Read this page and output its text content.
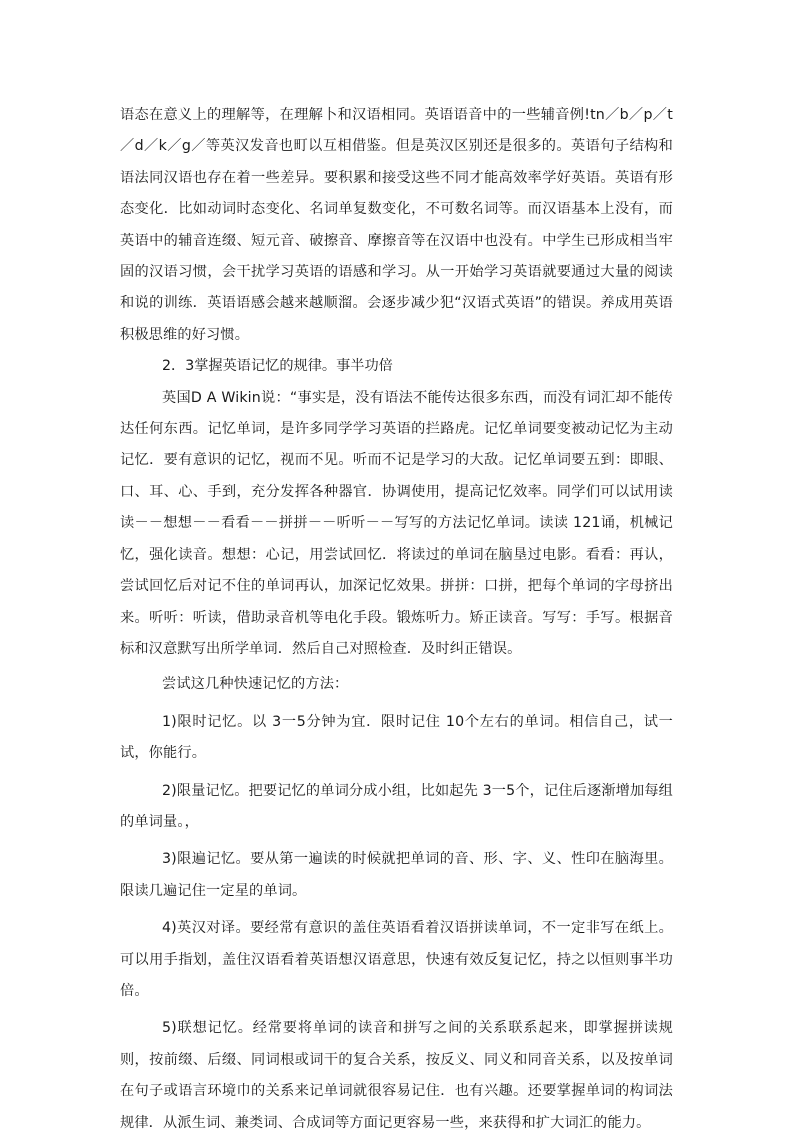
语态在意义上的理解等，在理解卜和汉语相同。英语语音中的一些辅音例!tn／b／p／t／d／k／g／等英汉发音也町以互相借鉴。但是英汉区别还是很多的。英语句子结构和语法同汉语也存在着一些差异。要积累和接受这些不同才能高效率学好英语。英语有形态变化．比如动词时态变化、名词单复数变化，不可数名词等。而汉语基本上没有，而英语中的辅音连缀、短元音、破擦音、摩擦音等在汉语中也没有。中学生已形成相当牢固的汉语习惯，会干扰学习英语的语感和学习。从一开始学习英语就要通过大量的阅读和说的训练．英语语感会越来越顺溜。会逐步减少犯“汉语式英语”的错误。养成用英语积极思维的好习惯。

2．3掌握英语记忆的规律。事半功倍

英国D A Wikin说：“事实是，没有语法不能传达很多东西，而没有词汇却不能传达任何东西。记忆单词，是许多同学学习英语的拦路虎。记忆单词要变被动记忆为主动记忆．要有意识的记忆，视而不见。听而不记是学习的大敌。记忆单词要五到：即眼、口、耳、心、手到，充分发挥各种器官．协调使用，提高记忆效率。同学们可以试用读读－－想想－－看看－－拼拼－－听听－－写写的方法记忆单词。读读 121诵，机械记忆，强化读音。想想：心记，用尝试回忆．将读过的单词在脑垦过电影。看看：再认，尝试回忆后对记不住的单词再认，加深记忆效果。拼拼：口拼，把每个单词的字母挤出来。听听：听读，借助录音机等电化手段。锻炼听力。矫正读音。写写：手写。根据音标和汉意默写出所学单词．然后自己对照检查．及时纠正错误。

尝试这几种快速记忆的方法：

1)限时记忆。以 3一5分钟为宜．限时记住 10个左右的单词。相信自己，试一试，你能行。

2)限量记忆。把要记忆的单词分成小组，比如起先 3一5个，记住后逐渐增加每组的单词量。，

3)限遍记忆。要从第一遍读的时候就把单词的音、形、字、义、性印在脑海里。限读几遍记住一定星的单词。

4)英汉对译。要经常有意识的盖住英语看着汉语拼读单词，不一定非写在纸上。可以用手指划，盖住汉语看着英语想汉语意思，快速有效反复记忆，持之以恒则事半功倍。

5)联想记忆。经常要将单词的读音和拼写之间的关系联系起来，即掌握拼读规则，按前缀、后缀、同词根或词干的复合关系，按反义、同义和同音关系，以及按单词在句子或语言环境巾的关系来记单词就很容易记住．也有兴趣。还要掌握单词的构词法规律．从派生词、兼类词、合成词等方面记更容易一些，来获得和扩大词汇的能力。
